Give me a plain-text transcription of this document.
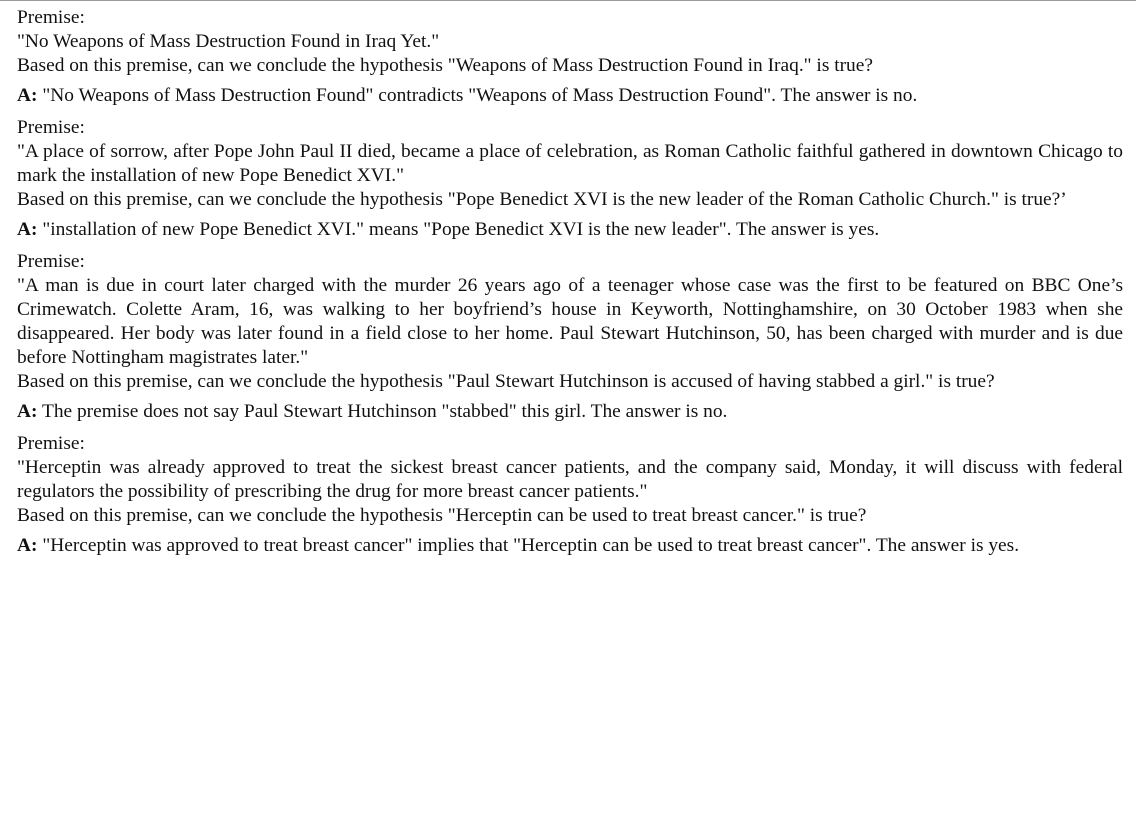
Premise:
"No Weapons of Mass Destruction Found in Iraq Yet."
Based on this premise, can we conclude the hypothesis "Weapons of Mass Destruction Found in Iraq." is true?

A: "No Weapons of Mass Destruction Found" contradicts "Weapons of Mass Destruction Found". The answer is no.

Premise:
"A place of sorrow, after Pope John Paul II died, became a place of celebration, as Roman Catholic faithful gathered in downtown Chicago to mark the installation of new Pope Benedict XVI."
Based on this premise, can we conclude the hypothesis "Pope Benedict XVI is the new leader of the Roman Catholic Church." is true?’

A: "installation of new Pope Benedict XVI." means "Pope Benedict XVI is the new leader". The answer is yes.

Premise:
"A man is due in court later charged with the murder 26 years ago of a teenager whose case was the first to be featured on BBC One’s Crimewatch. Colette Aram, 16, was walking to her boyfriend’s house in Keyworth, Nottinghamshire, on 30 October 1983 when she disappeared. Her body was later found in a field close to her home. Paul Stewart Hutchinson, 50, has been charged with murder and is due before Nottingham magistrates later."
Based on this premise, can we conclude the hypothesis "Paul Stewart Hutchinson is accused of having stabbed a girl." is true?

A: The premise does not say Paul Stewart Hutchinson "stabbed" this girl. The answer is no.

Premise:
"Herceptin was already approved to treat the sickest breast cancer patients, and the company said, Monday, it will discuss with federal regulators the possibility of prescribing the drug for more breast cancer patients."
Based on this premise, can we conclude the hypothesis "Herceptin can be used to treat breast cancer." is true?

A: "Herceptin was approved to treat breast cancer" implies that "Herceptin can be used to treat breast cancer". The answer is yes.
